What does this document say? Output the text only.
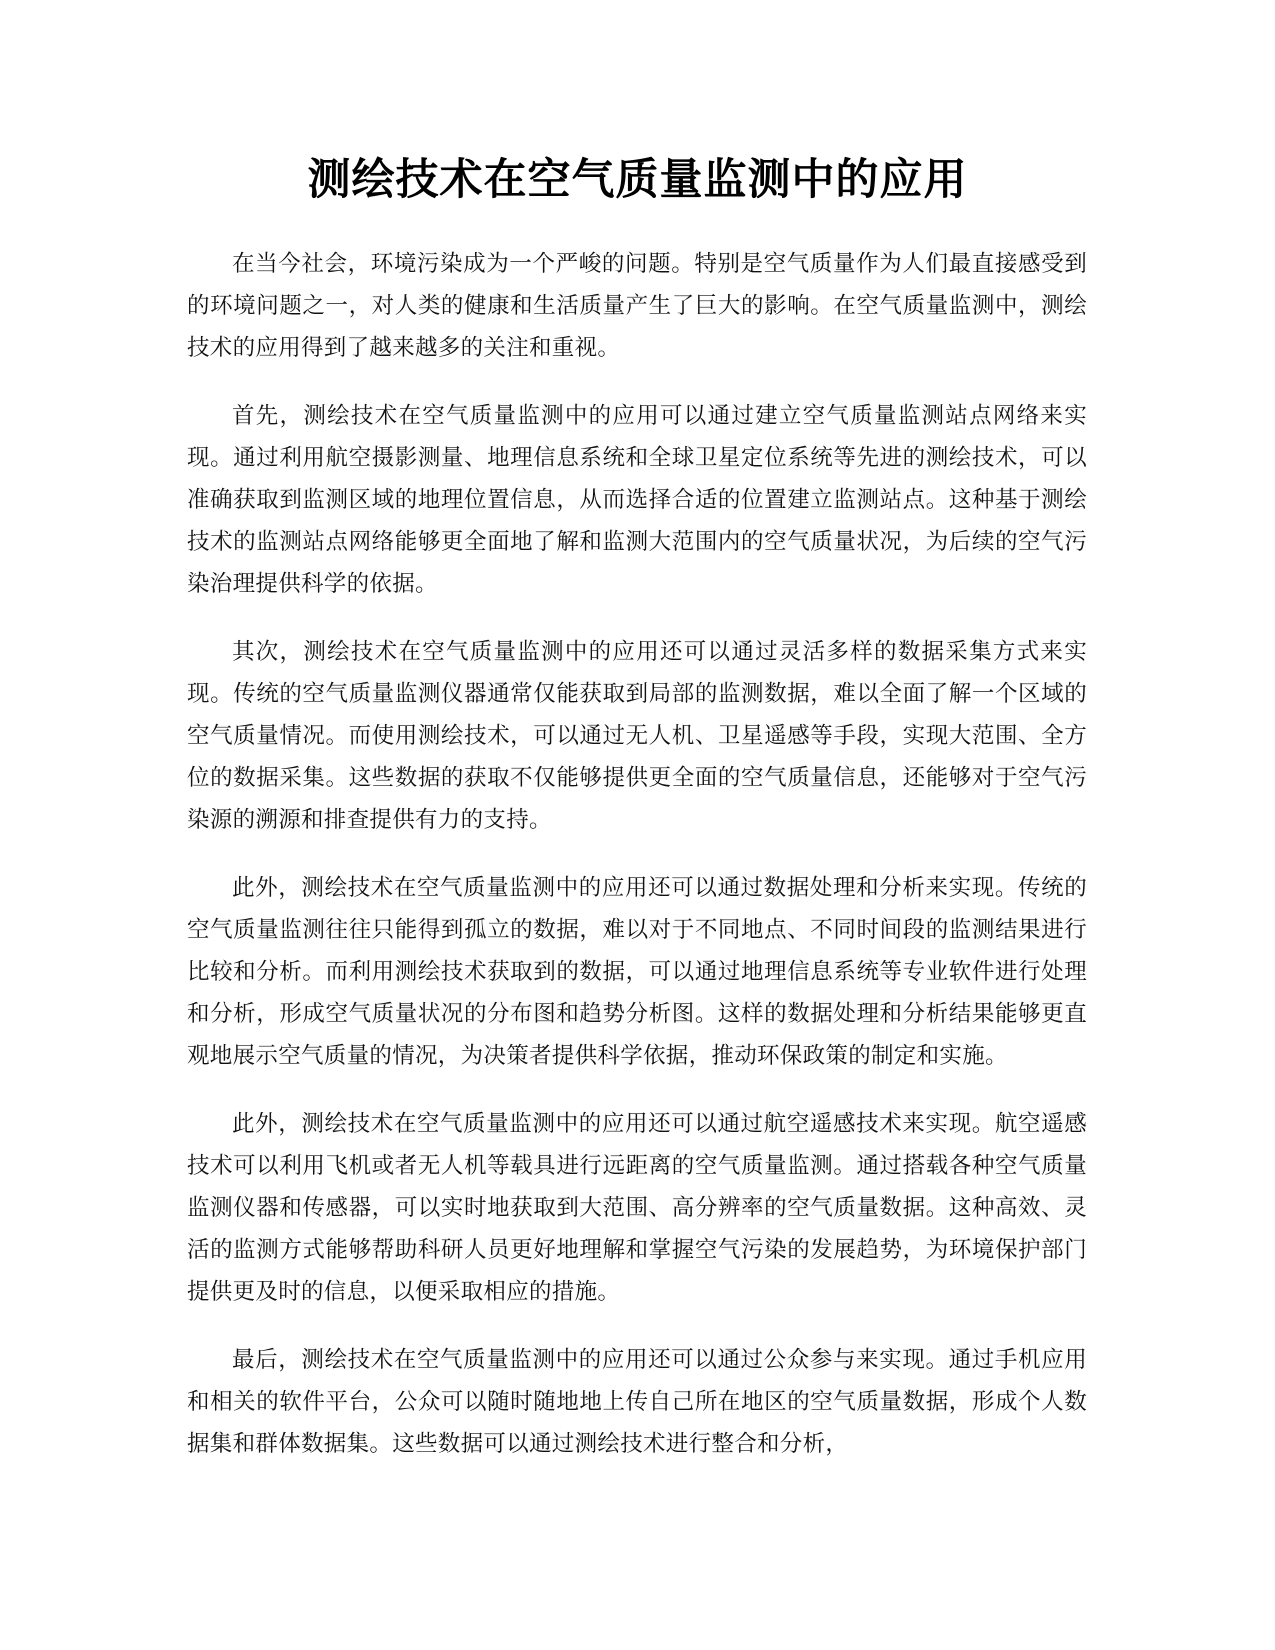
测绘技术在空气质量监测中的应用

在当今社会，环境污染成为一个严峻的问题。特别是空气质量作为人们最直接感受到的环境问题之一，对人类的健康和生活质量产生了巨大的影响。在空气质量监测中，测绘技术的应用得到了越来越多的关注和重视。

首先，测绘技术在空气质量监测中的应用可以通过建立空气质量监测站点网络来实现。通过利用航空摄影测量、地理信息系统和全球卫星定位系统等先进的测绘技术，可以准确获取到监测区域的地理位置信息，从而选择合适的位置建立监测站点。这种基于测绘技术的监测站点网络能够更全面地了解和监测大范围内的空气质量状况，为后续的空气污染治理提供科学的依据。

其次，测绘技术在空气质量监测中的应用还可以通过灵活多样的数据采集方式来实现。传统的空气质量监测仪器通常仅能获取到局部的监测数据，难以全面了解一个区域的空气质量情况。而使用测绘技术，可以通过无人机、卫星遥感等手段，实现大范围、全方位的数据采集。这些数据的获取不仅能够提供更全面的空气质量信息，还能够对于空气污染源的溯源和排查提供有力的支持。

此外，测绘技术在空气质量监测中的应用还可以通过数据处理和分析来实现。传统的空气质量监测往往只能得到孤立的数据，难以对于不同地点、不同时间段的监测结果进行比较和分析。而利用测绘技术获取到的数据，可以通过地理信息系统等专业软件进行处理和分析，形成空气质量状况的分布图和趋势分析图。这样的数据处理和分析结果能够更直观地展示空气质量的情况，为决策者提供科学依据，推动环保政策的制定和实施。

此外，测绘技术在空气质量监测中的应用还可以通过航空遥感技术来实现。航空遥感技术可以利用飞机或者无人机等载具进行远距离的空气质量监测。通过搭载各种空气质量监测仪器和传感器，可以实时地获取到大范围、高分辨率的空气质量数据。这种高效、灵活的监测方式能够帮助科研人员更好地理解和掌握空气污染的发展趋势，为环境保护部门提供更及时的信息，以便采取相应的措施。

最后，测绘技术在空气质量监测中的应用还可以通过公众参与来实现。通过手机应用和相关的软件平台，公众可以随时随地地上传自己所在地区的空气质量数据，形成个人数据集和群体数据集。这些数据可以通过测绘技术进行整合和分析，
